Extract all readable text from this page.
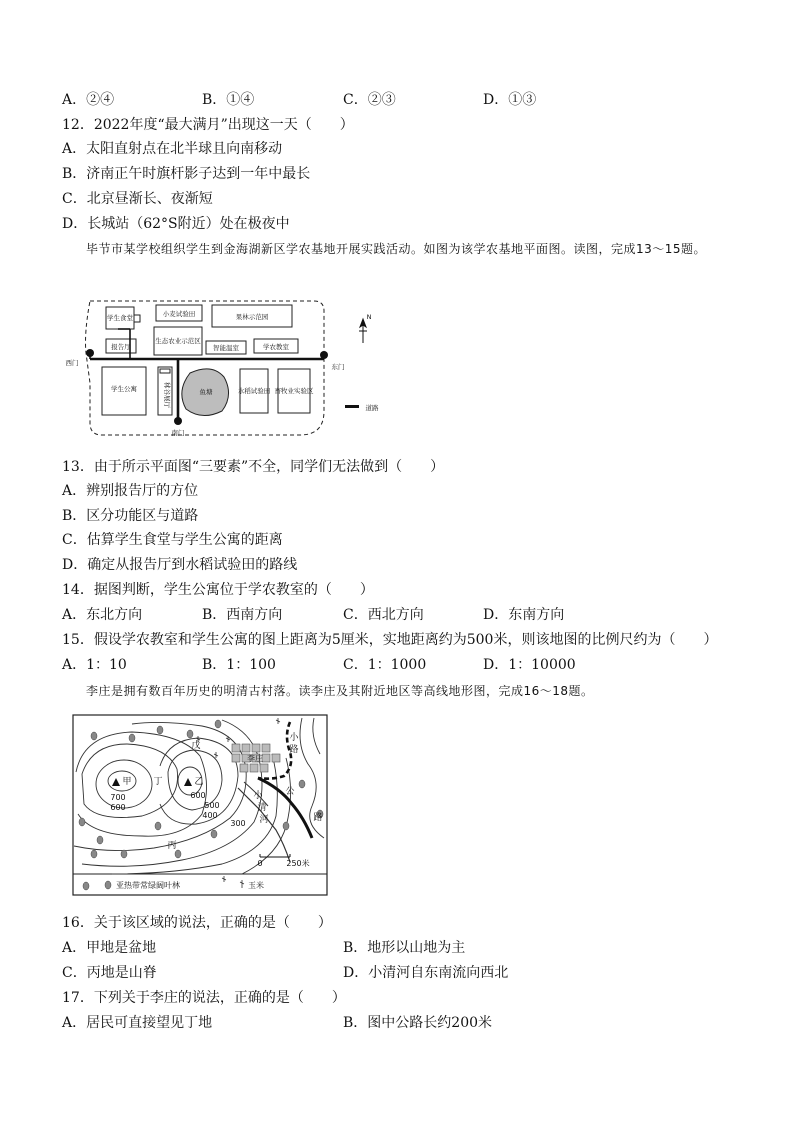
A．②④	B．①④	C．②③	D．①③
12．2022年度“最大满月”出现这一天（　　）
A．太阳直射点在北半球且向南移动
B．济南正午时旗杆影子达到一年中最长
C．北京昼渐长、夜渐短
D．长城站（62°S附近）处在极夜中
毕节市某学校组织学生到金海湖新区学农基地开展实践活动。如图为该学农基地平面图。读图，完成13～15题。
学生食堂	小麦试验田	果林示范园
生态农业示范区
报告厅	智能温室	学农教室
学生公寓	鱼塘
西门	东门
南门
N
道路
秫谷展厅	水稻试验田 畜牧业实验区
13．由于所示平面图“三要素”不全，同学们无法做到（　　）
A．辨别报告厅的方位
B．区分功能区与道路
C．估算学生食堂与学生公寓的距离
D．确定从报告厅到水稻试验田的路线
14．据图判断，学生公寓位于学农教室的（　　）
A．东北方向	B．西南方向	C．西北方向	D．东南方向
15．假设学农教室和学生公寓的图上距离为5厘米，实地距离约为500米，则该地图的比例尺约为（　　）
A．1：10	B．1：100	C．1：1000	D．1：10000
李庄是拥有数百年历史的明清古村落。读李庄及其附近地区等高线地形图，完成16～18题。
甲	乙
丙
丁
戊
李庄
小
路
公
路
小
清
河
700
600
600
500
400
300
0	250米
亚热带常绿阔叶林	玉米
16．关于该区域的说法，正确的是（　　）
A．甲地是盆地	B．地形以山地为主
C．丙地是山脊	D．小清河自东南流向西北
17．下列关于李庄的说法，正确的是（　　）
A．居民可直接望见丁地	B．图中公路长约200米
